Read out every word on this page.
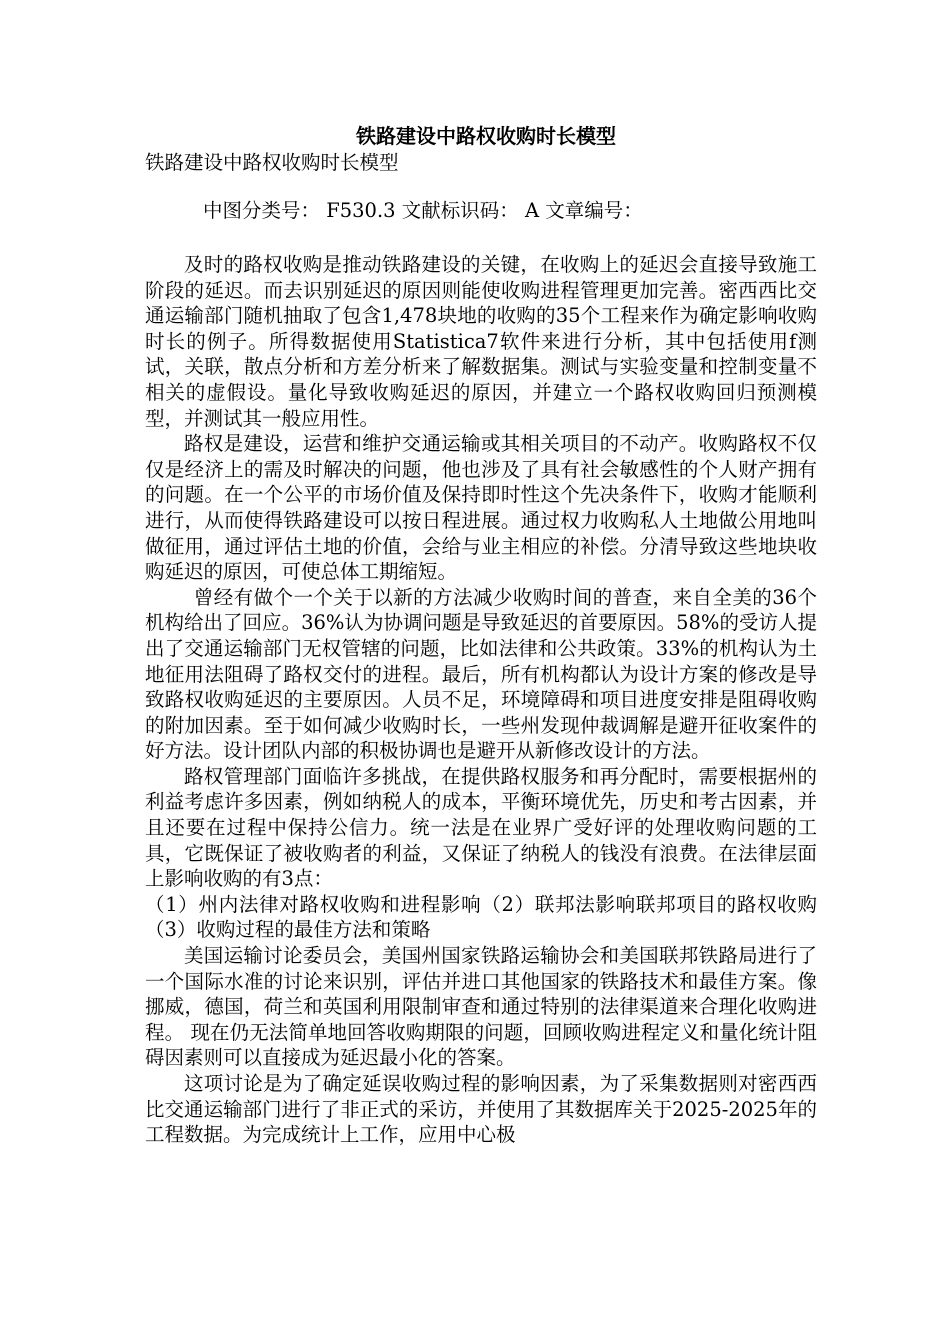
铁路建设中路权收购时长模型

铁路建设中路权收购时长模型

中图分类号： F530.3 文献标识码： A 文章编号：

及时的路权收购是推动铁路建设的关键，在收购上的延迟会直接导致施工阶段的延迟。而去识别延迟的原因则能使收购进程管理更加完善。密西西比交通运输部门随机抽取了包含1,478块地的收购的35个工程来作为确定影响收购时长的例子。所得数据使用Statistica7软件来进行分析，其中包括使用f测试，关联，散点分析和方差分析来了解数据集。测试与实验变量和控制变量不相关的虚假设。量化导致收购延迟的原因，并建立一个路权收购回归预测模型，并测试其一般应用性。

路权是建设，运营和维护交通运输或其相关项目的不动产。收购路权不仅仅是经济上的需及时解决的问题，他也涉及了具有社会敏感性的个人财产拥有的问题。在一个公平的市场价值及保持即时性这个先决条件下，收购才能顺利进行，从而使得铁路建设可以按日程进展。通过权力收购私人土地做公用地叫做征用，通过评估土地的价值，会给与业主相应的补偿。分清导致这些地块收购延迟的原因，可使总体工期缩短。

曾经有做个一个关于以新的方法减少收购时间的普查，来自全美的36个机构给出了回应。36%认为协调问题是导致延迟的首要原因。58%的受访人提出了交通运输部门无权管辖的问题，比如法律和公共政策。33%的机构认为土地征用法阻碍了路权交付的进程。最后，所有机构都认为设计方案的修改是导致路权收购延迟的主要原因。人员不足，环境障碍和项目进度安排是阻碍收购的附加因素。至于如何减少收购时长，一些州发现仲裁调解是避开征收案件的好方法。设计团队内部的积极协调也是避开从新修改设计的方法。

路权管理部门面临许多挑战，在提供路权服务和再分配时，需要根据州的利益考虑许多因素，例如纳税人的成本，平衡环境优先，历史和考古因素，并且还要在过程中保持公信力。统一法是在业界广受好评的处理收购问题的工具，它既保证了被收购者的利益，又保证了纳税人的钱没有浪费。在法律层面上影响收购的有3点：

（1）州内法律对路权收购和进程影响（2）联邦法影响联邦项目的路权收购（3）收购过程的最佳方法和策略

美国运输讨论委员会，美国州国家铁路运输协会和美国联邦铁路局进行了一个国际水准的讨论来识别，评估并进口其他国家的铁路技术和最佳方案。像挪威，德国，荷兰和英国利用限制审查和通过特别的法律渠道来合理化收购进程。 现在仍无法简单地回答收购期限的问题，回顾收购进程定义和量化统计阻碍因素则可以直接成为延迟最小化的答案。

这项讨论是为了确定延误收购过程的影响因素，为了采集数据则对密西西比交通运输部门进行了非正式的采访，并使用了其数据库关于2025-2025年的工程数据。为完成统计上工作，应用中心极
